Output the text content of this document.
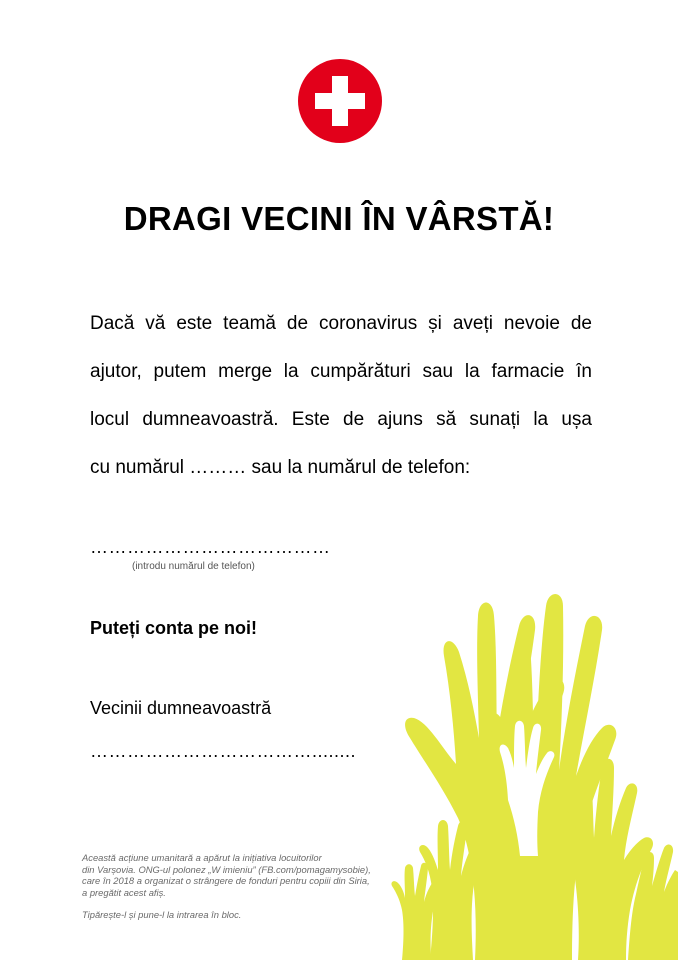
DRAGI VECINI ÎN VÂRSTĂ!
Dacă vă este teamă de coronavirus și aveți nevoie de
ajutor, putem merge la cumpărături sau la farmacie în
locul dumneavoastră. Este de ajuns să sunați la ușa
cu numărul ……… sau la numărul de telefon:
…………………………………
(introdu numărul de telefon)
Puteți conta pe noi!
Vecinii dumneavoastră
………………………………........

Această acțiune umanitară a apărut la inițiativa locuitorilor

din Varșovia. ONG-ul polonez „W imieniu” (FB.com/pomagamysobie),

care în 2018 a organizat o strângere de fonduri pentru copiii din Siria,

a pregătit acest afiș.

Tipărește-l și pune-l la intrarea în bloc.
